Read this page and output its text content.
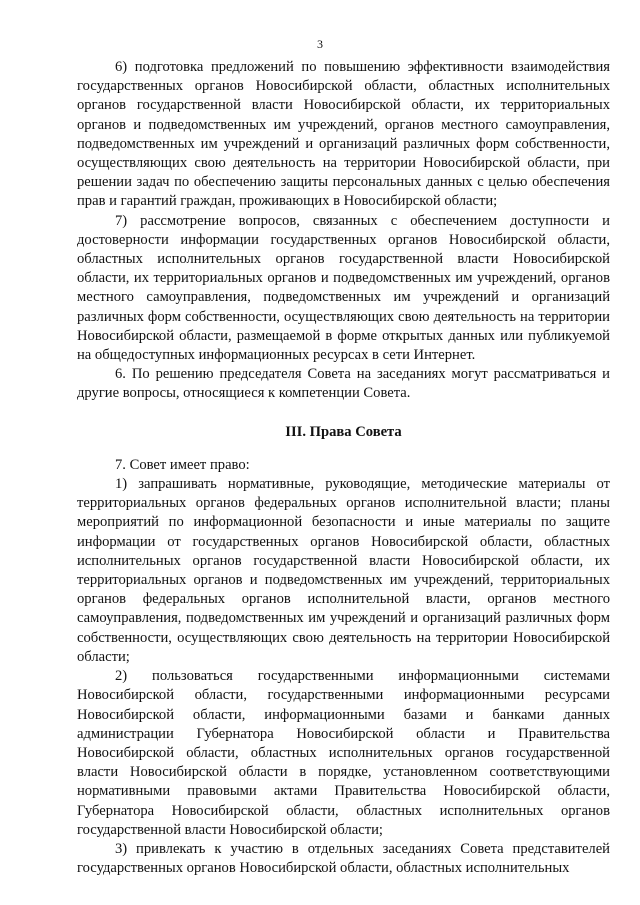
3

6) подготовка предложений по повышению эффективности взаимодействия государственных органов Новосибирской области, областных исполнительных органов государственной власти Новосибирской области, их территориальных органов и подведомственных им учреждений, органов местного самоуправления, подведомственных им учреждений и организаций различных форм собственности, осуществляющих свою деятельность на территории Новосибирской области, при решении задач по обеспечению защиты персональных данных с целью обеспечения прав и гарантий граждан, проживающих в Новосибирской области;

7) рассмотрение вопросов, связанных с обеспечением доступности и достоверности информации государственных органов Новосибирской области, областных исполнительных органов государственной власти Новосибирской области, их территориальных органов и подведомственных им учреждений, органов местного самоуправления, подведомственных им учреждений и организаций различных форм собственности, осуществляющих свою деятельность на территории Новосибирской области, размещаемой в форме открытых данных или публикуемой на общедоступных информационных ресурсах в сети Интернет.

6. По решению председателя Совета на заседаниях могут рассматриваться и другие вопросы, относящиеся к компетенции Совета.

III. Права Совета

7. Совет имеет право:

1) запрашивать нормативные, руководящие, методические материалы от территориальных органов федеральных органов исполнительной власти; планы мероприятий по информационной безопасности и иные материалы по защите информации от государственных органов Новосибирской области, областных исполнительных органов государственной власти Новосибирской области, их территориальных органов и подведомственных им учреждений, территориальных органов федеральных органов исполнительной власти, органов местного самоуправления, подведомственных им учреждений и организаций различных форм собственности, осуществляющих свою деятельность на территории Новосибирской области;

2) пользоваться государственными информационными системами Новосибирской области, государственными информационными ресурсами Новосибирской области, информационными базами и банками данных администрации Губернатора Новосибирской области и Правительства Новосибирской области, областных исполнительных органов государственной власти Новосибирской области в порядке, установленном соответствующими нормативными правовыми актами Правительства Новосибирской области, Губернатора Новосибирской области, областных исполнительных органов государственной власти Новосибирской области;

3) привлекать к участию в отдельных заседаниях Совета представителей государственных органов Новосибирской области, областных исполнительных
